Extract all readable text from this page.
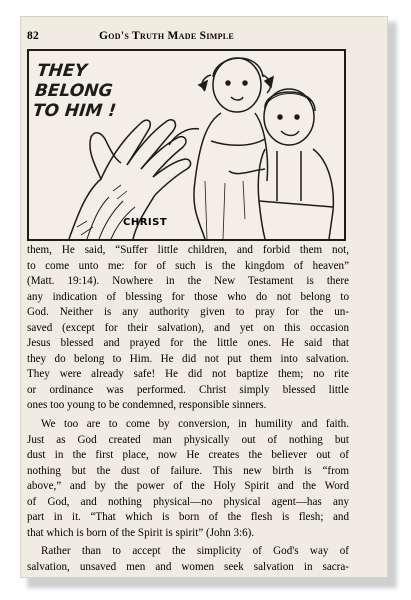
82	God's Truth Made Simple
THEY
BELONG
TO HIM !
CHRIST
them, He said, “Suffer little children, and forbid them not,
to come unto me: for of such is the kingdom of heaven”
(Matt. 19:14). Nowhere in the New Testament is there
any indication of blessing for those who do not belong to
God. Neither is any authority given to pray for the un-
saved (except for their salvation), and yet on this occasion
Jesus blessed and prayed for the little ones. He said that
they do belong to Him. He did not put them into salvation.
They were already safe! He did not baptize them; no rite
or ordinance was performed. Christ simply blessed little
ones too young to be condemned, responsible sinners.
We too are to come by conversion, in humility and faith.
Just as God created man physically out of nothing but
dust in the first place, now He creates the believer out of
nothing but the dust of failure. This new birth is “from
above,” and by the power of the Holy Spirit and the Word
of God, and nothing physical—no physical agent—has any
part in it. “That which is born of the flesh is flesh; and
that which is born of the Spirit is spirit” (John 3:6).
Rather than to accept the simplicity of God's way of
salvation, unsaved men and women seek salvation in sacra-
